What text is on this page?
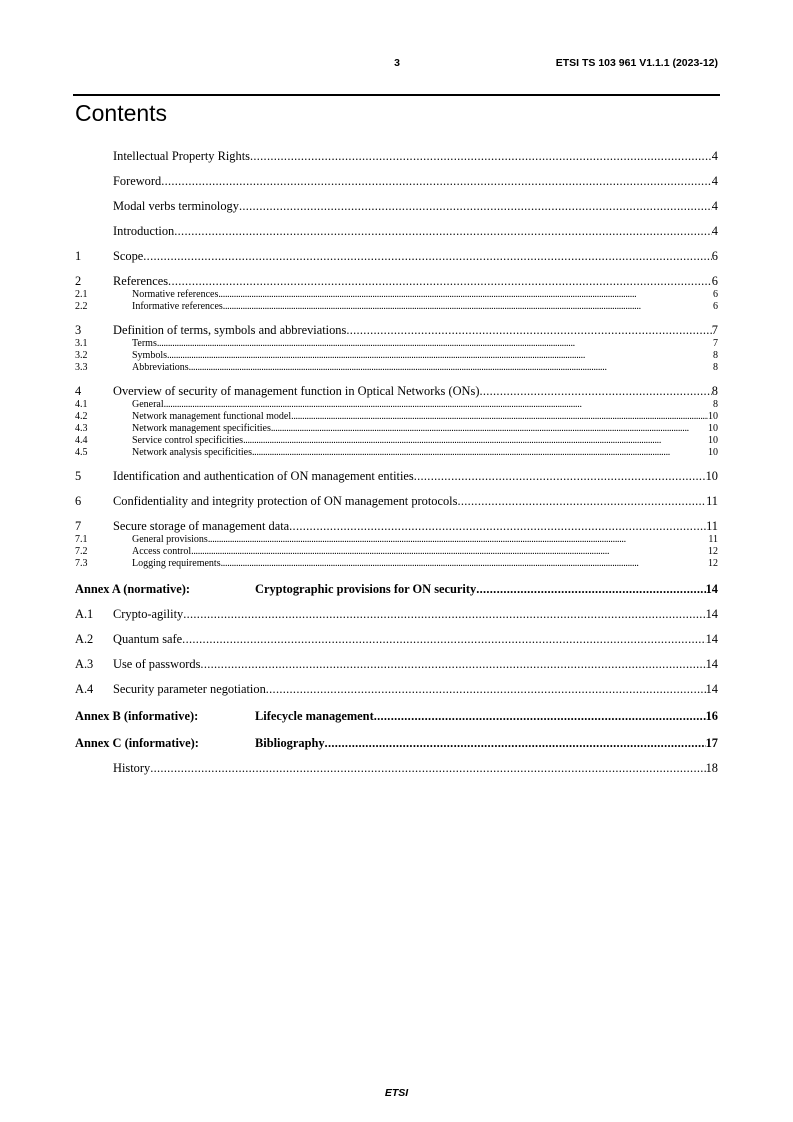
3	ETSI TS 103 961 V1.1.1 (2023-12)
Contents
Intellectual Property Rights . . .	4
Foreword . . .	4
Modal verbs terminology . . .	4
Introduction . . .	4
1	Scope . . .	6
2	References . . .	6
2.1	Normative references . . .	6
2.2	Informative references . . .	6
3	Definition of terms, symbols and abbreviations . . .	7
3.1	Terms . . .	7
3.2	Symbols . . .	8
3.3	Abbreviations . . .	8
4	Overview of security of management function in Optical Networks (ONs) . . .	8
4.1	General . . .	8
4.2	Network management functional model . . .	10
4.3	Network management specificities . . .	10
4.4	Service control specificities . . .	10
4.5	Network analysis specificities . . .	10
5	Identification and authentication of ON management entities . . .	10
6	Confidentiality and integrity protection of ON management protocols . . .	11
7	Secure storage of management data . . .	11
7.1	General provisions . . .	11
7.2	Access control . . .	12
7.3	Logging requirements . . .	12
Annex A (normative):	Cryptographic provisions for ON security . . .	14
A.1	Crypto-agility . . .	14
A.2	Quantum safe . . .	14
A.3	Use of passwords . . .	14
A.4	Security parameter negotiation . . .	14
Annex B (informative):	Lifecycle management . . .	16
Annex C (informative):	Bibliography . . .	17
History . . .	18
ETSI
